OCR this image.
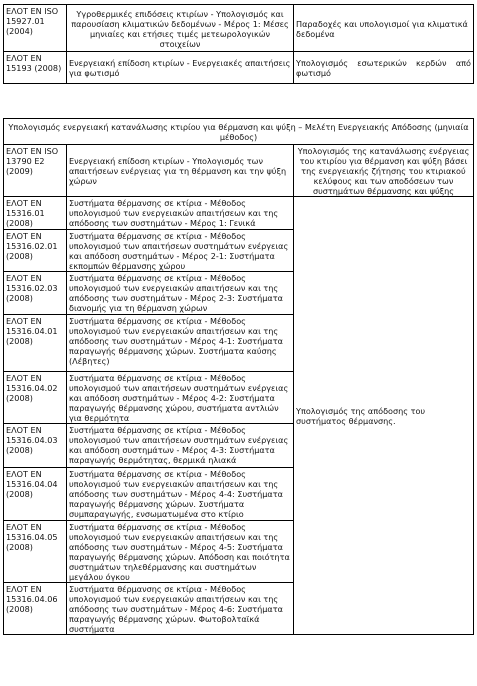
ΕΛΟΤ ΕΝ ISO 15927.01 (2004)	Υγροθερμικές επιδόσεις κτιρίων - Υπολογισμός και παρουσίαση κλιματικών δεδομένων - Μέρος 1: Μέσες μηνιαίες και ετήσιες τιμές μετεωρολογικών στοιχείων	Παραδοχές και υπολογισμοί για κλιματικά δεδομένα
ΕΛΟΤ ΕΝ 15193 (2008)	Ενεργειακή επίδοση κτιρίων - Ενεργειακές απαιτήσεις για φωτισμό	Υπολογισμός εσωτερικών κερδών από φωτισμό
Υπολογισμός ενεργειακή κατανάλωσης κτιρίου για θέρμανση και ψύξη – Μελέτη Ενεργειακής Απόδοσης (μηνιαία μέθοδος)		
ΕΛΟΤ ΕΝ ISO 13790 E2 (2009)	Ενεργειακή επίδοση κτιρίων - Υπολογισμός των απαιτήσεων ενέργειας για τη θέρμανση και την ψύξη χώρων	Υπολογισμός της κατανάλωσης ενέργειας του κτιρίου για θέρμανση και ψύξη βάσει της ενεργειακής ζήτησης του κτιριακού κελύφους και των αποδόσεων των συστημάτων θέρμανσης και ψύξης
ΕΛΟΤ ΕΝ 15316.01 (2008)	Συστήματα θέρμανσης σε κτίρια - Μέθοδος υπολογισμού των ενεργειακών απαιτήσεων και της απόδοσης των συστημάτων - Μέρος 1: Γενικά	Υπολογισμός της απόδοσης του συστήματος θέρμανσης.
ΕΛΟΤ ΕΝ 15316.02.01 (2008)	Συστήματα θέρμανσης σε κτίρια - Μέθοδος υπολογισμού των απαιτήσεων συστημάτων ενέργειας και απόδοση συστημάτων - Μέρος 2-1: Συστήματα εκπομπών θέρμανσης χώρου	
ΕΛΟΤ ΕΝ 15316.02.03 (2008)	Συστήματα θέρμανσης σε κτίρια - Μέθοδος υπολογισμού των ενεργειακών απαιτήσεων και της απόδοσης των συστημάτων - Μέρος 2-3: Συστήματα διανομής για τη θέρμανση χώρων	
ΕΛΟΤ ΕΝ 15316.04.01 (2008)	Συστήματα θέρμανσης σε κτίρια - Μέθοδος υπολογισμού των ενεργειακών απαιτήσεων και της απόδοσης των συστημάτων - Μέρος 4-1: Συστήματα παραγωγής θέρμανσης χώρων. Συστήματα καύσης (Λέβητες)	
ΕΛΟΤ ΕΝ 15316.04.02 (2008)	Συστήματα θέρμανσης σε κτίρια - Μέθοδος υπολογισμού των απαιτήσεων συστημάτων ενέργειας και απόδοση συστημάτων - Μέρος 4-2: Συστήματα παραγωγής θέρμανσης χώρου, συστήματα αντλιών για θερμότητα	
ΕΛΟΤ ΕΝ 15316.04.03 (2008)	Συστήματα θέρμανσης σε κτίρια - Μέθοδος υπολογισμού των απαιτήσεων συστημάτων ενέργειας και απόδοση συστημάτων - Μέρος 4-3: Συστήματα παραγωγής θερμότητας, θερμικά ηλιακά	
ΕΛΟΤ ΕΝ 15316.04.04 (2008)	Συστήματα θέρμανσης σε κτίρια - Μέθοδος υπολογισμού των ενεργειακών απαιτήσεων και της απόδοσης των συστημάτων - Μέρος 4-4: Συστήματα παραγωγής θέρμανσης χώρων. Συστήματα συμπαραγωγής, ενσωματωμένα στο κτίριο	
ΕΛΟΤ ΕΝ 15316.04.05 (2008)	Συστήματα θέρμανσης σε κτίρια - Μέθοδος υπολογισμού των ενεργειακών απαιτήσεων και της απόδοσης των συστημάτων - Μέρος 4-5: Συστήματα παραγωγής θέρμανσης χώρων. Απόδοση και ποιότητα συστημάτων τηλεθέρμανσης και συστημάτων μεγάλου όγκου	
ΕΛΟΤ ΕΝ 15316.04.06 (2008)	Συστήματα θέρμανσης σε κτίρια - Μέθοδος υπολογισμού των ενεργειακών απαιτήσεων και της απόδοσης των συστημάτων - Μέρος 4-6: Συστήματα παραγωγής θέρμανσης χώρων. Φωτοβολταϊκά συστήματα	
